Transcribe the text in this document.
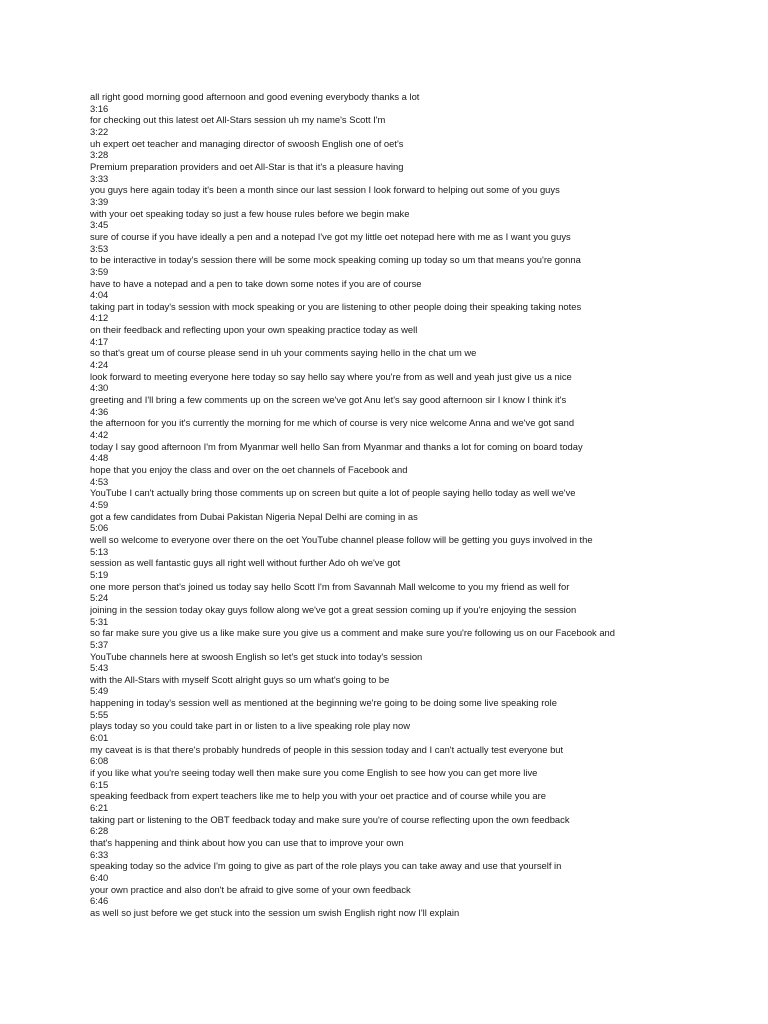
all right good morning good afternoon and good evening everybody thanks a lot
3:16
for checking out this latest oet All-Stars session uh my name's Scott I'm
3:22
uh expert oet teacher and managing director of swoosh English one of oet's
3:28
Premium preparation providers and oet All-Star is that it's a pleasure having
3:33
you guys here again today it's been a month since our last session I look forward to helping out some of you guys
3:39
with your oet speaking today so just a few house rules before we begin make
3:45
sure of course if you have ideally a pen and a notepad I've got my little oet notepad here with me as I want you guys
3:53
to be interactive in today's session there will be some mock speaking coming up today so um that means you're gonna
3:59
have to have a notepad and a pen to take down some notes if you are of course
4:04
taking part in today's session with mock speaking or you are listening to other people doing their speaking taking notes
4:12
on their feedback and reflecting upon your own speaking practice today as well
4:17
so that's great um of course please send in uh your comments saying hello in the chat um we
4:24
look forward to meeting everyone here today so say hello say where you're from as well and yeah just give us a nice
4:30
greeting and I'll bring a few comments up on the screen we've got Anu let's say good afternoon sir I know I think it's
4:36
the afternoon for you it's currently the morning for me which of course is very nice welcome Anna and we've got sand
4:42
today I say good afternoon I'm from Myanmar well hello San from Myanmar and thanks a lot for coming on board today
4:48
hope that you enjoy the class and over on the oet channels of Facebook and
4:53
YouTube I can't actually bring those comments up on screen but quite a lot of people saying hello today as well we've
4:59
got a few candidates from Dubai Pakistan Nigeria Nepal Delhi are coming in as
5:06
well so welcome to everyone over there on the oet YouTube channel please follow will be getting you guys involved in the
5:13
session as well fantastic guys all right well without further Ado oh we've got
5:19
one more person that's joined us today say hello Scott I'm from Savannah Mall welcome to you my friend as well for
5:24
joining in the session today okay guys follow along we've got a great session coming up if you're enjoying the session
5:31
so far make sure you give us a like make sure you give us a comment and make sure you're following us on our Facebook and
5:37
YouTube channels here at swoosh English so let's get stuck into today's session
5:43
with the All-Stars with myself Scott alright guys so um what's going to be
5:49
happening in today's session well as mentioned at the beginning we're going to be doing some live speaking role
5:55
plays today so you could take part in or listen to a live speaking role play now
6:01
my caveat is is that there's probably hundreds of people in this session today and I can't actually test everyone but
6:08
if you like what you're seeing today well then make sure you come English to see how you can get more live
6:15
speaking feedback from expert teachers like me to help you with your oet practice and of course while you are
6:21
taking part or listening to the OBT feedback today and make sure you're of course reflecting upon the own feedback
6:28
that's happening and think about how you can use that to improve your own
6:33
speaking today so the advice I'm going to give as part of the role plays you can take away and use that yourself in
6:40
your own practice and also don't be afraid to give some of your own feedback
6:46
as well so just before we get stuck into the session um swish English right now I'll explain
